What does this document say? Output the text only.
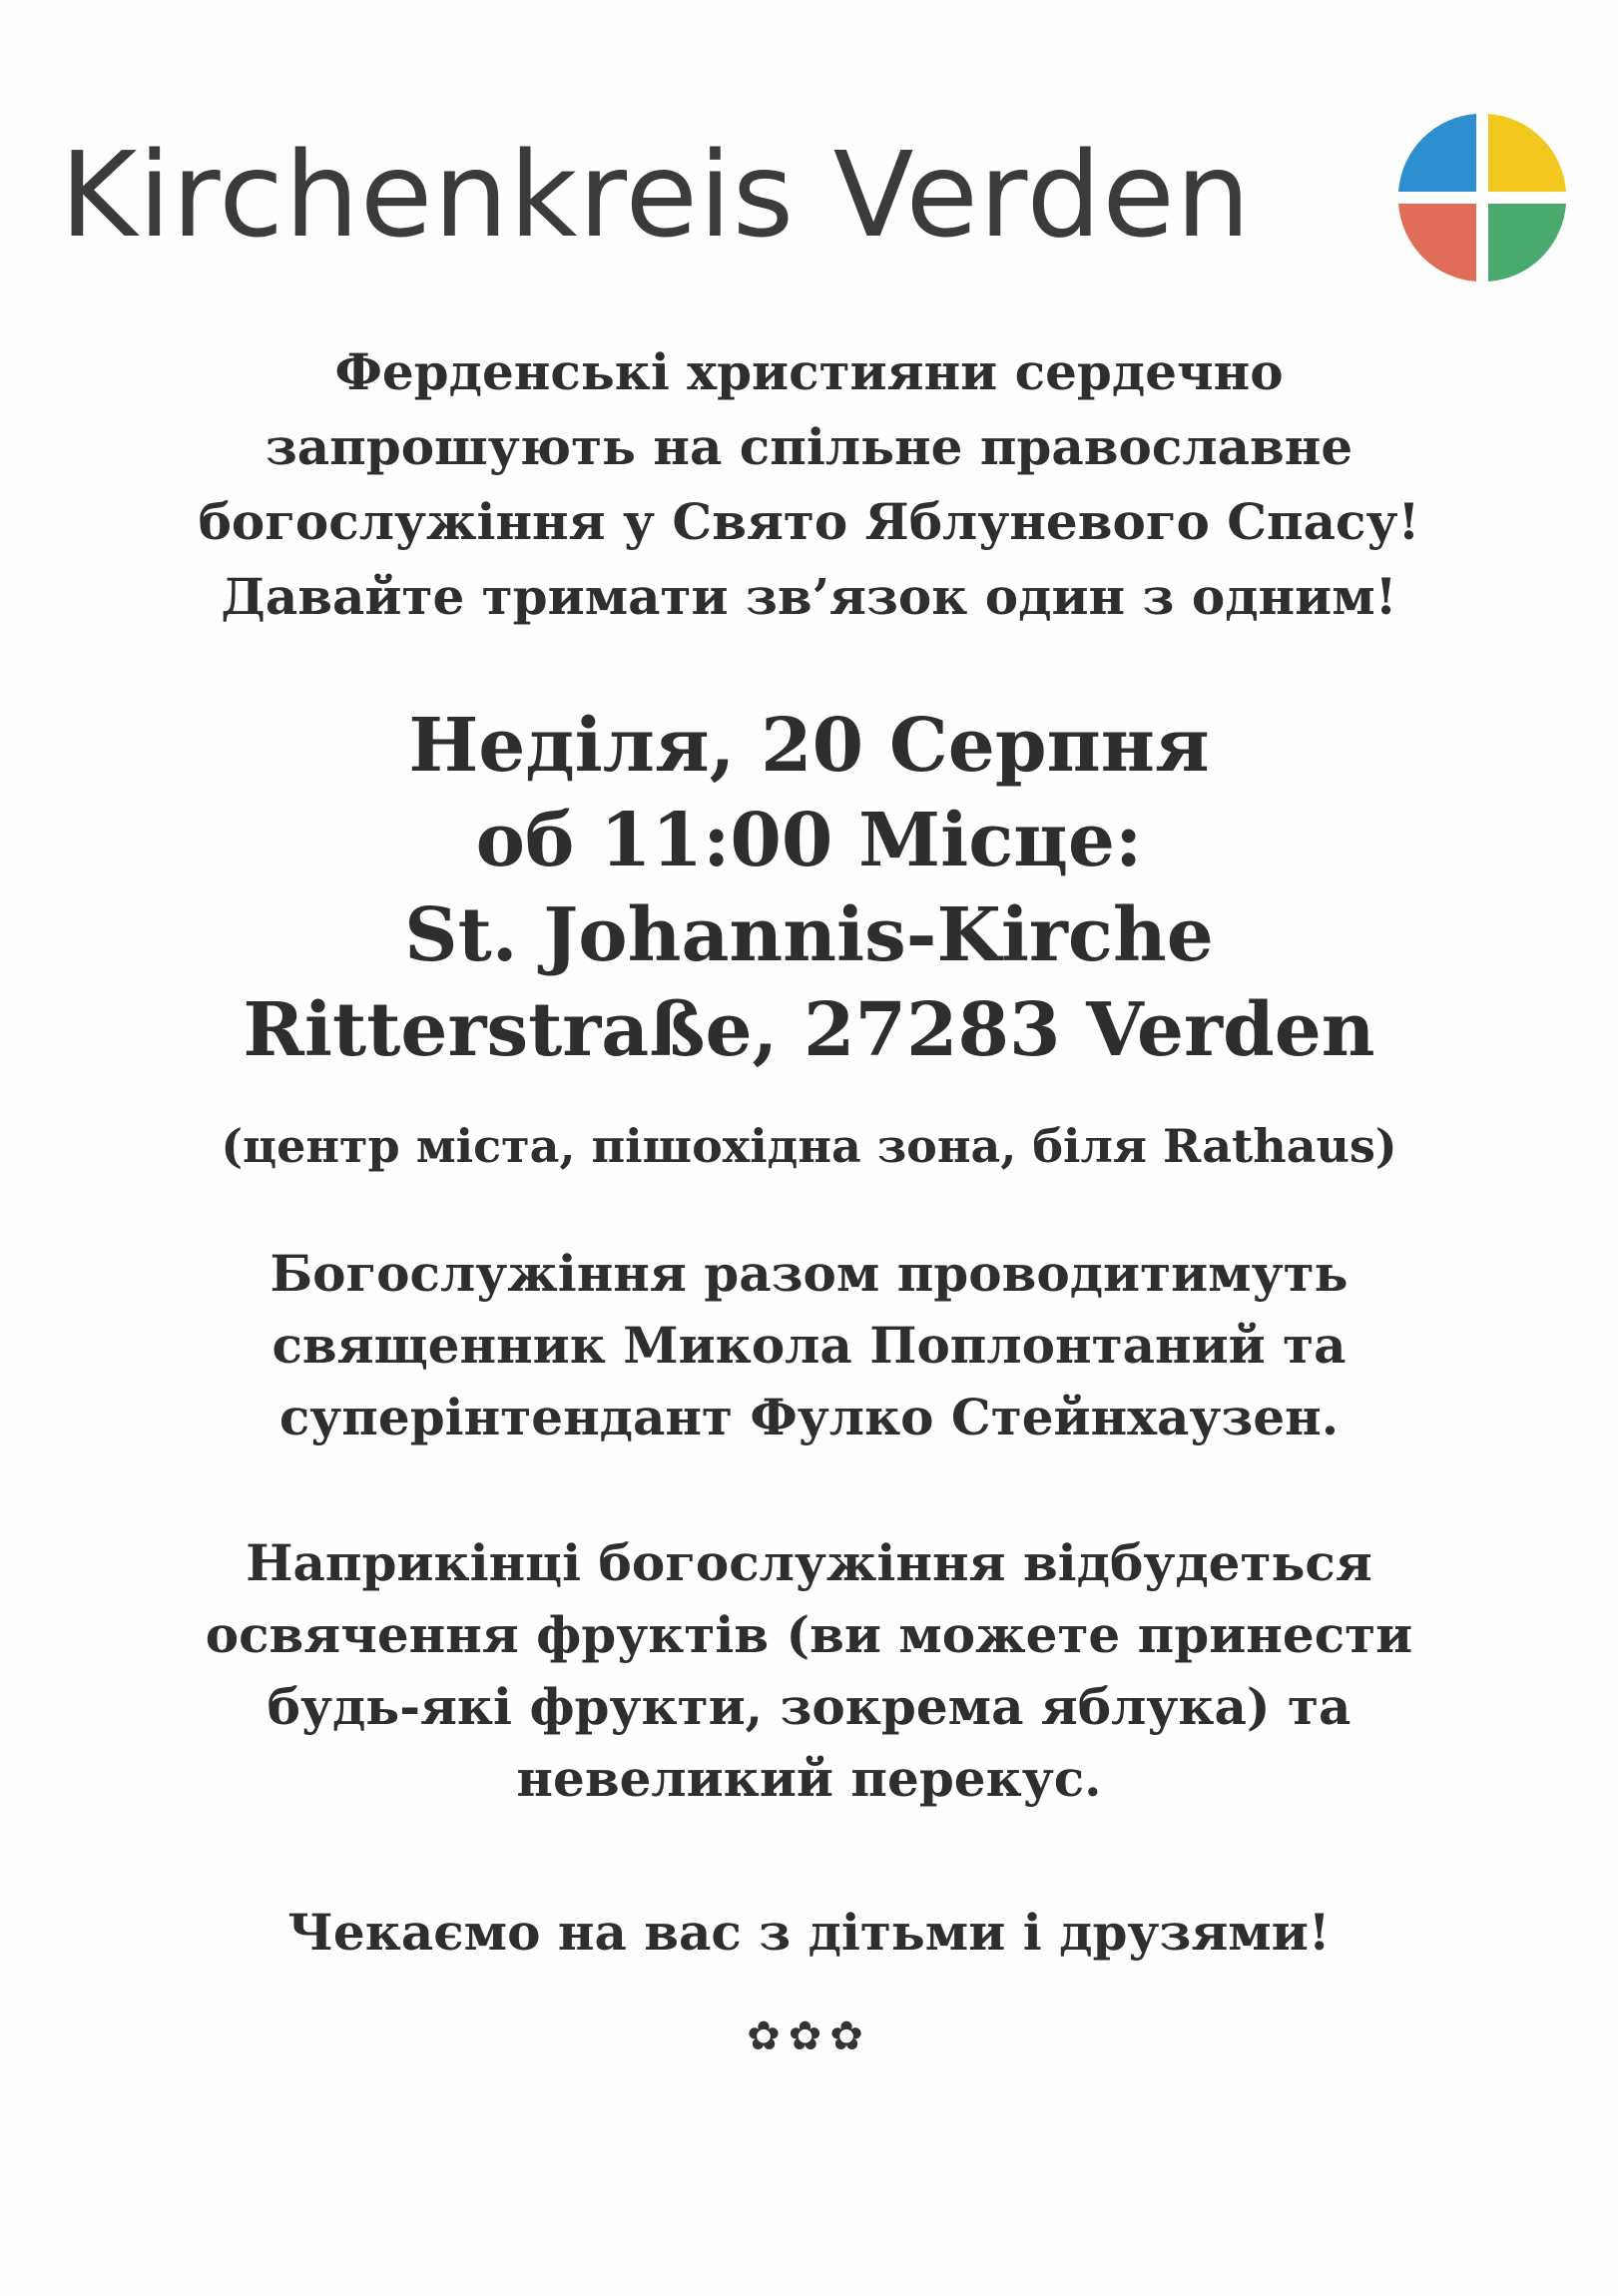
Kirchenkreis Verden
Ферденські християни сердечно
запрошують на спільне православне
богослужіння у Свято Яблуневого Спасу!
Давайте тримати зв’язок один з одним!
Неділя, 20 Серпня
об 11:00 Місце:
St. Johannis-Kirche
Ritterstraße, 27283 Verden
(центр міста, пішохідна зона, біля Rathaus)
Богослужіння разом проводитимуть
священник Микола Поплонтаний та
суперінтендант Фулко Стейнхаузен.
Наприкінці богослужіння відбудеться
освячення фруктів (ви можете принести
будь-які фрукти, зокрема яблука) та
невеликий перекус.
Чекаємо на вас з дітьми і друзями!
✿✿✿
